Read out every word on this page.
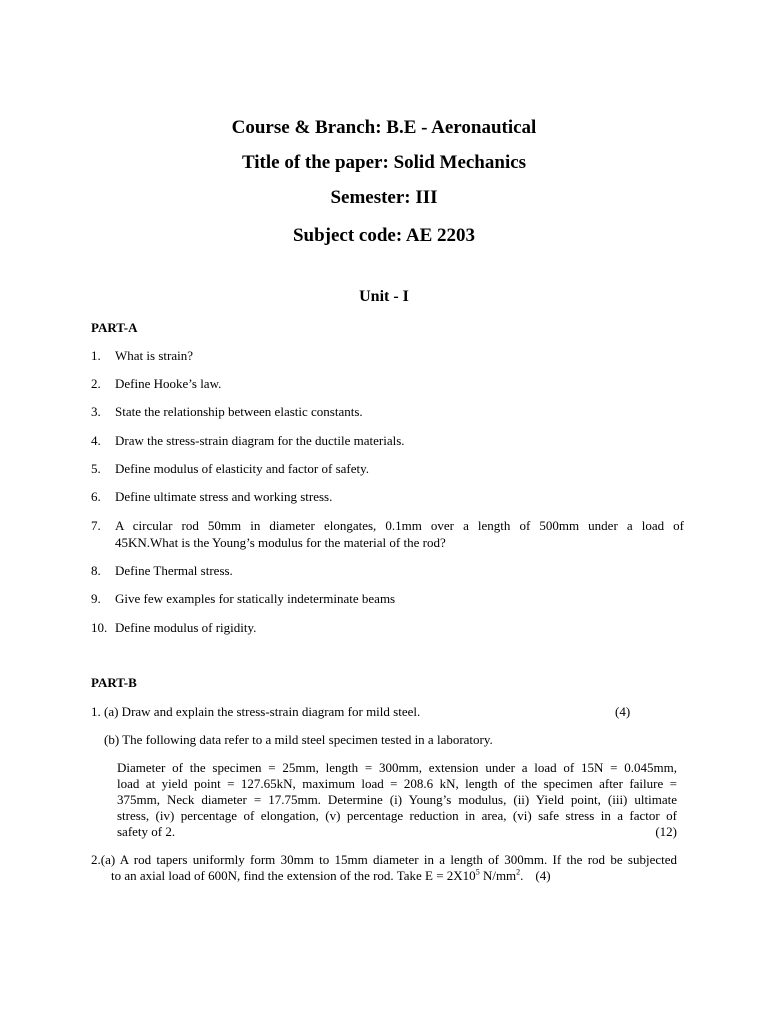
Course & Branch: B.E - Aeronautical
Title of the paper: Solid Mechanics
Semester: III
Subject code: AE 2203
Unit - I
PART-A
1. What is strain?
2. Define Hooke’s law.
3. State the relationship between elastic constants.
4. Draw the stress-strain diagram for the ductile materials.
5. Define modulus of elasticity and factor of safety.
6. Define ultimate stress and working stress.
7. A circular rod 50mm in diameter elongates, 0.1mm over a length of 500mm under a load of
45KN.What is the Young’s modulus for the material of the rod?
8. Define Thermal stress.
9. Give few examples for statically indeterminate beams
10. Define modulus of rigidity.
PART-B
1. (a) Draw and explain the stress-strain diagram for mild steel.	(4)
(b) The following data refer to a mild steel specimen tested in a laboratory.
Diameter of the specimen = 25mm, length = 300mm, extension under a load of 15N = 0.045mm,
load at yield point = 127.65kN, maximum load = 208.6 kN, length of the specimen after failure =
375mm, Neck diameter = 17.75mm. Determine (i) Young’s modulus, (ii) Yield point, (iii) ultimate
stress, (iv) percentage of elongation, (v) percentage reduction in area, (vi) safe stress in a factor of
safety of 2.	(12)
2.(a) A rod tapers uniformly form 30mm to 15mm diameter in a length of 300mm. If the rod be subjected
to an axial load of 600N, find the extension of the rod. Take $E = 2X10^5$ $N/mm^2$. (4)
